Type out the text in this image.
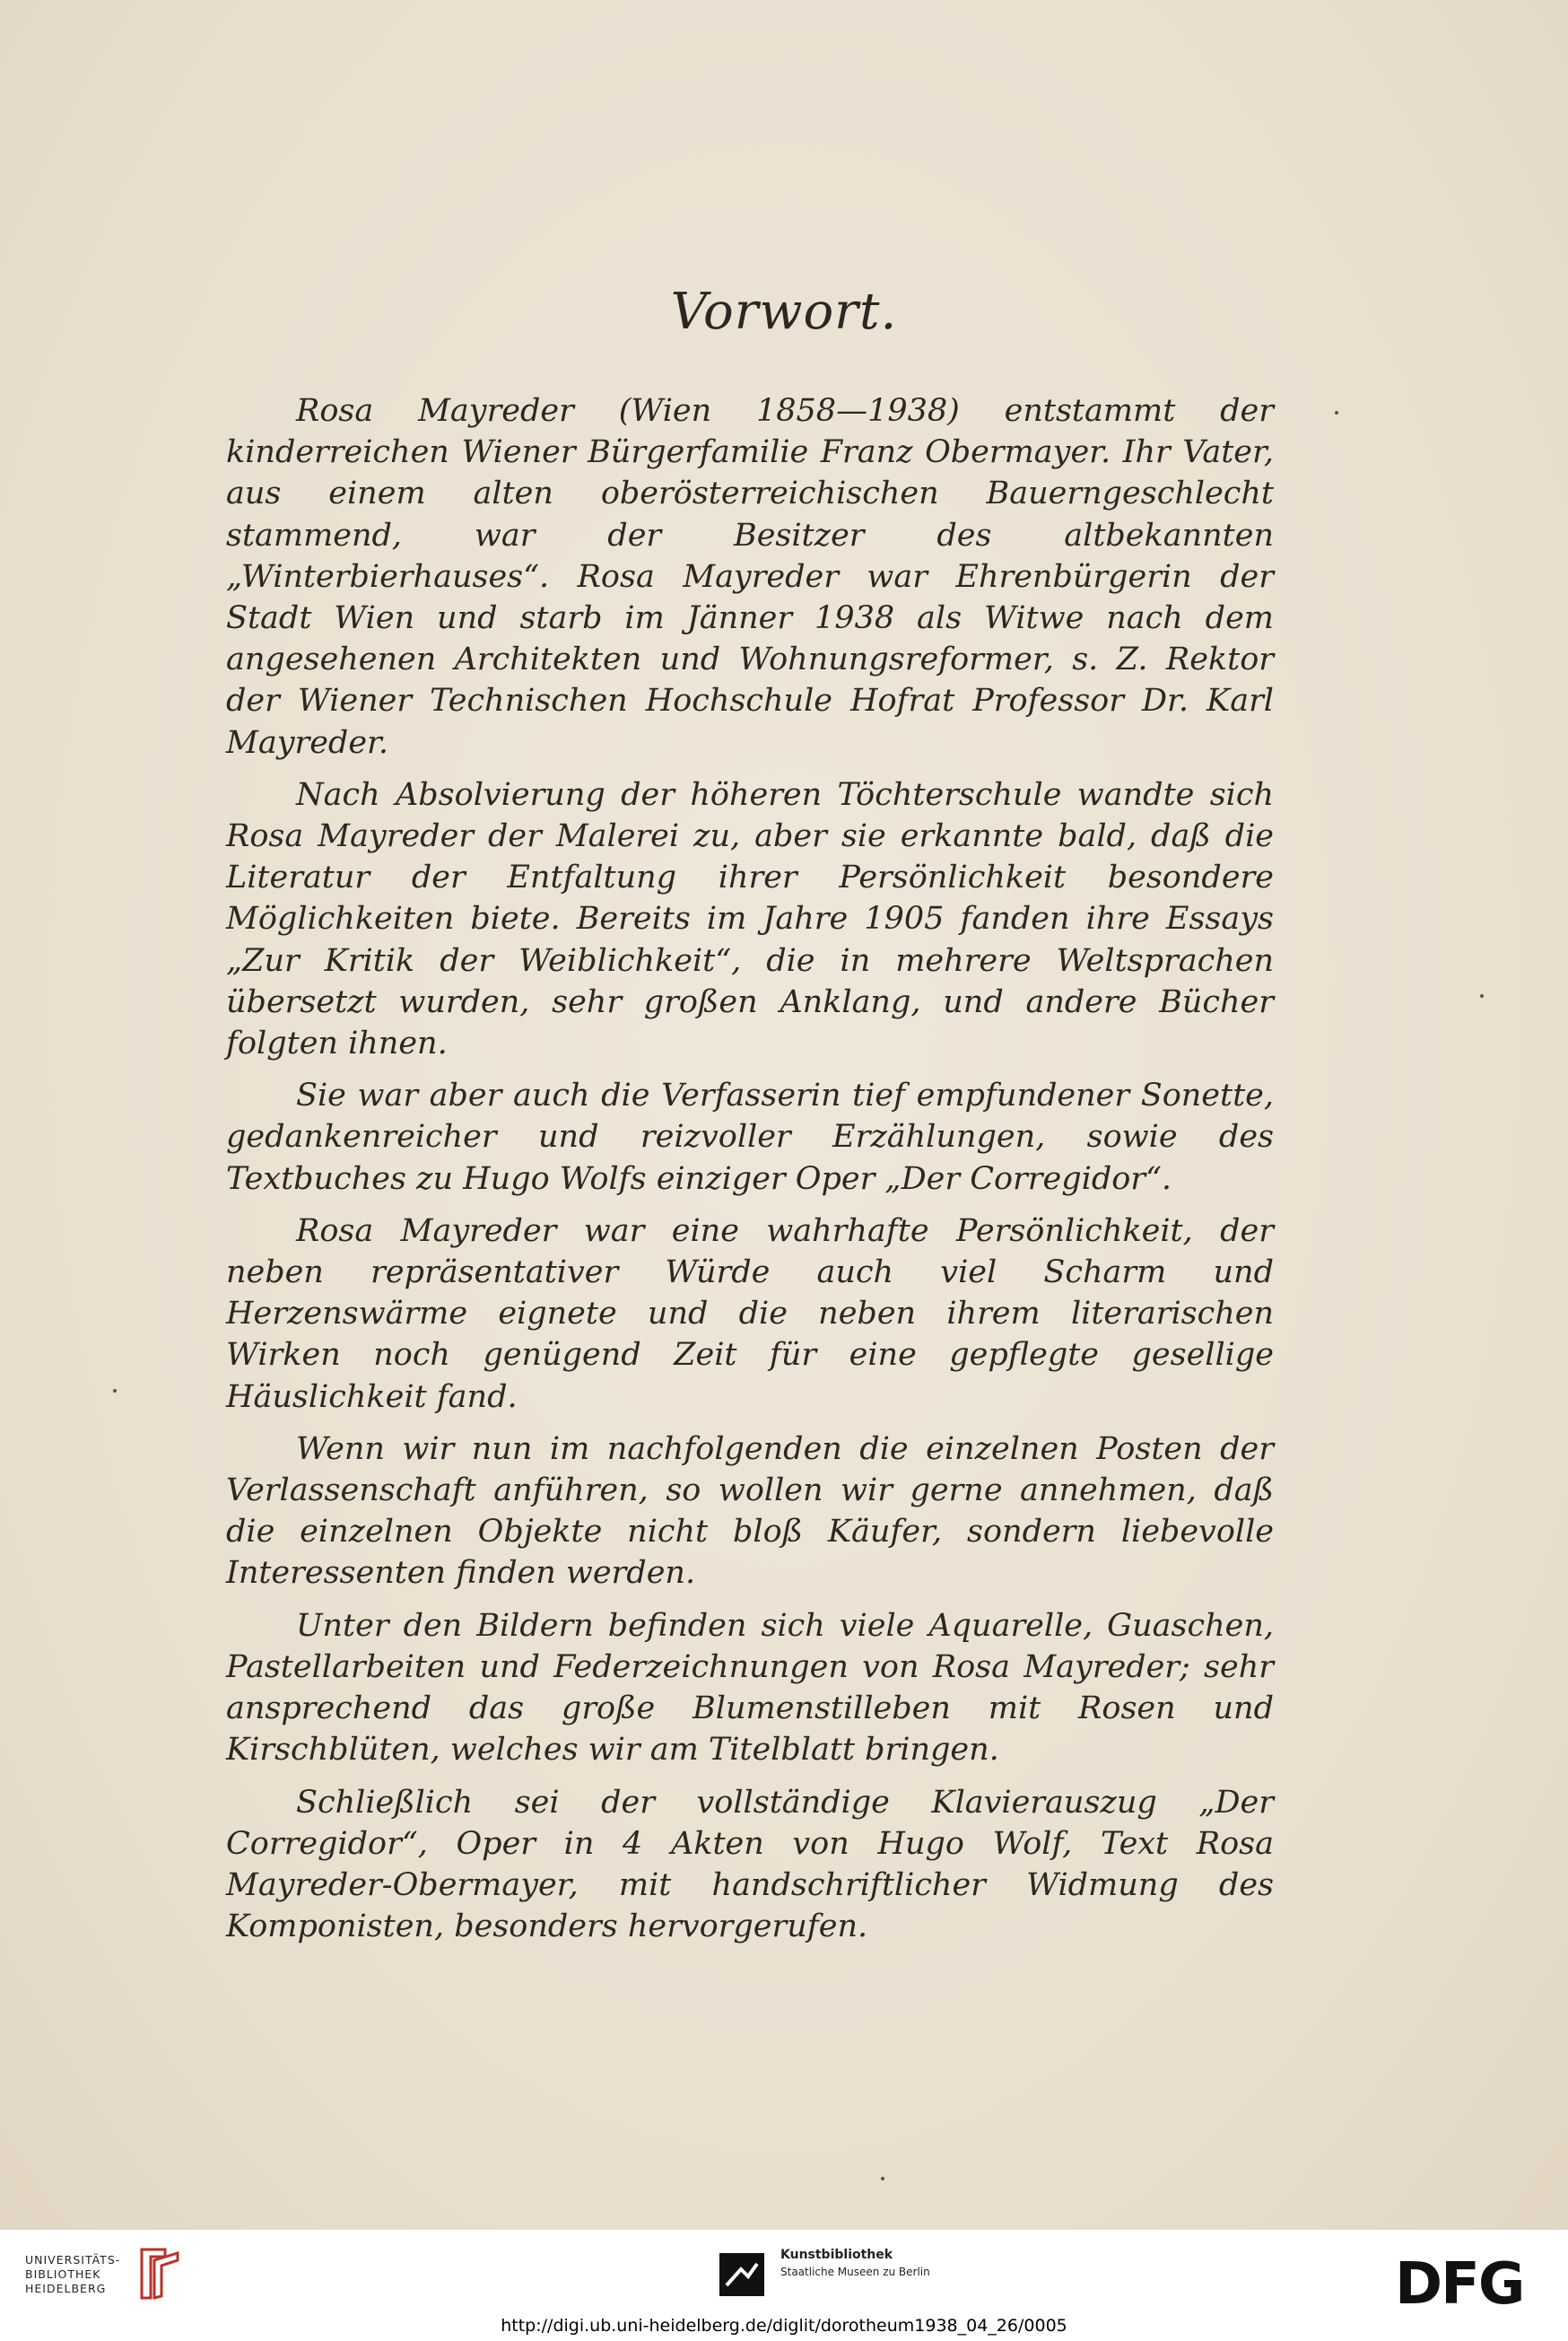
Vorwort.

Rosa Mayreder (Wien 1858—1938) entstammt der kinderreichen Wiener Bürgerfamilie Franz Obermayer. Ihr Vater, aus einem alten oberösterreichischen Bauerngeschlecht stammend, war der Besitzer des altbekannten „Winterbierhauses“. Rosa Mayreder war Ehrenbürgerin der Stadt Wien und starb im Jänner 1938 als Witwe nach dem angesehenen Architekten und Wohnungsreformer, s. Z. Rektor der Wiener Technischen Hochschule Hofrat Professor Dr. Karl Mayreder.

Nach Absolvierung der höheren Töchterschule wandte sich Rosa Mayreder der Malerei zu, aber sie erkannte bald, daß die Literatur der Entfaltung ihrer Persönlichkeit besondere Möglichkeiten biete. Bereits im Jahre 1905 fanden ihre Essays „Zur Kritik der Weiblichkeit“, die in mehrere Weltsprachen übersetzt wurden, sehr großen Anklang, und andere Bücher folgten ihnen.

Sie war aber auch die Verfasserin tief empfundener Sonette, gedankenreicher und reizvoller Erzählungen, sowie des Textbuches zu Hugo Wolfs einziger Oper „Der Corregidor“.

Rosa Mayreder war eine wahrhafte Persönlichkeit, der neben repräsentativer Würde auch viel Scharm und Herzenswärme eignete und die neben ihrem literarischen Wirken noch genügend Zeit für eine gepflegte gesellige Häuslichkeit fand.

Wenn wir nun im nachfolgenden die einzelnen Posten der Verlassenschaft anführen, so wollen wir gerne annehmen, daß die einzelnen Objekte nicht bloß Käufer, sondern liebevolle Interessenten finden werden.

Unter den Bildern befinden sich viele Aquarelle, Guaschen, Pastellarbeiten und Federzeichnungen von Rosa Mayreder; sehr ansprechend das große Blumenstilleben mit Rosen und Kirschblüten, welches wir am Titelblatt bringen.

Schließlich sei der vollständige Klavierauszug „Der Corregidor“, Oper in 4 Akten von Hugo Wolf, Text Rosa Mayreder-Obermayer, mit handschriftlicher Widmung des Komponisten, besonders hervorgerufen.

UNIVERSITÄTS-
BIBLIOTHEK
HEIDELBERG
Kunstbibliothek
Staatliche Museen zu Berlin	DFG
http://digi.ub.uni-heidelberg.de/diglit/dorotheum1938_04_26/0005
